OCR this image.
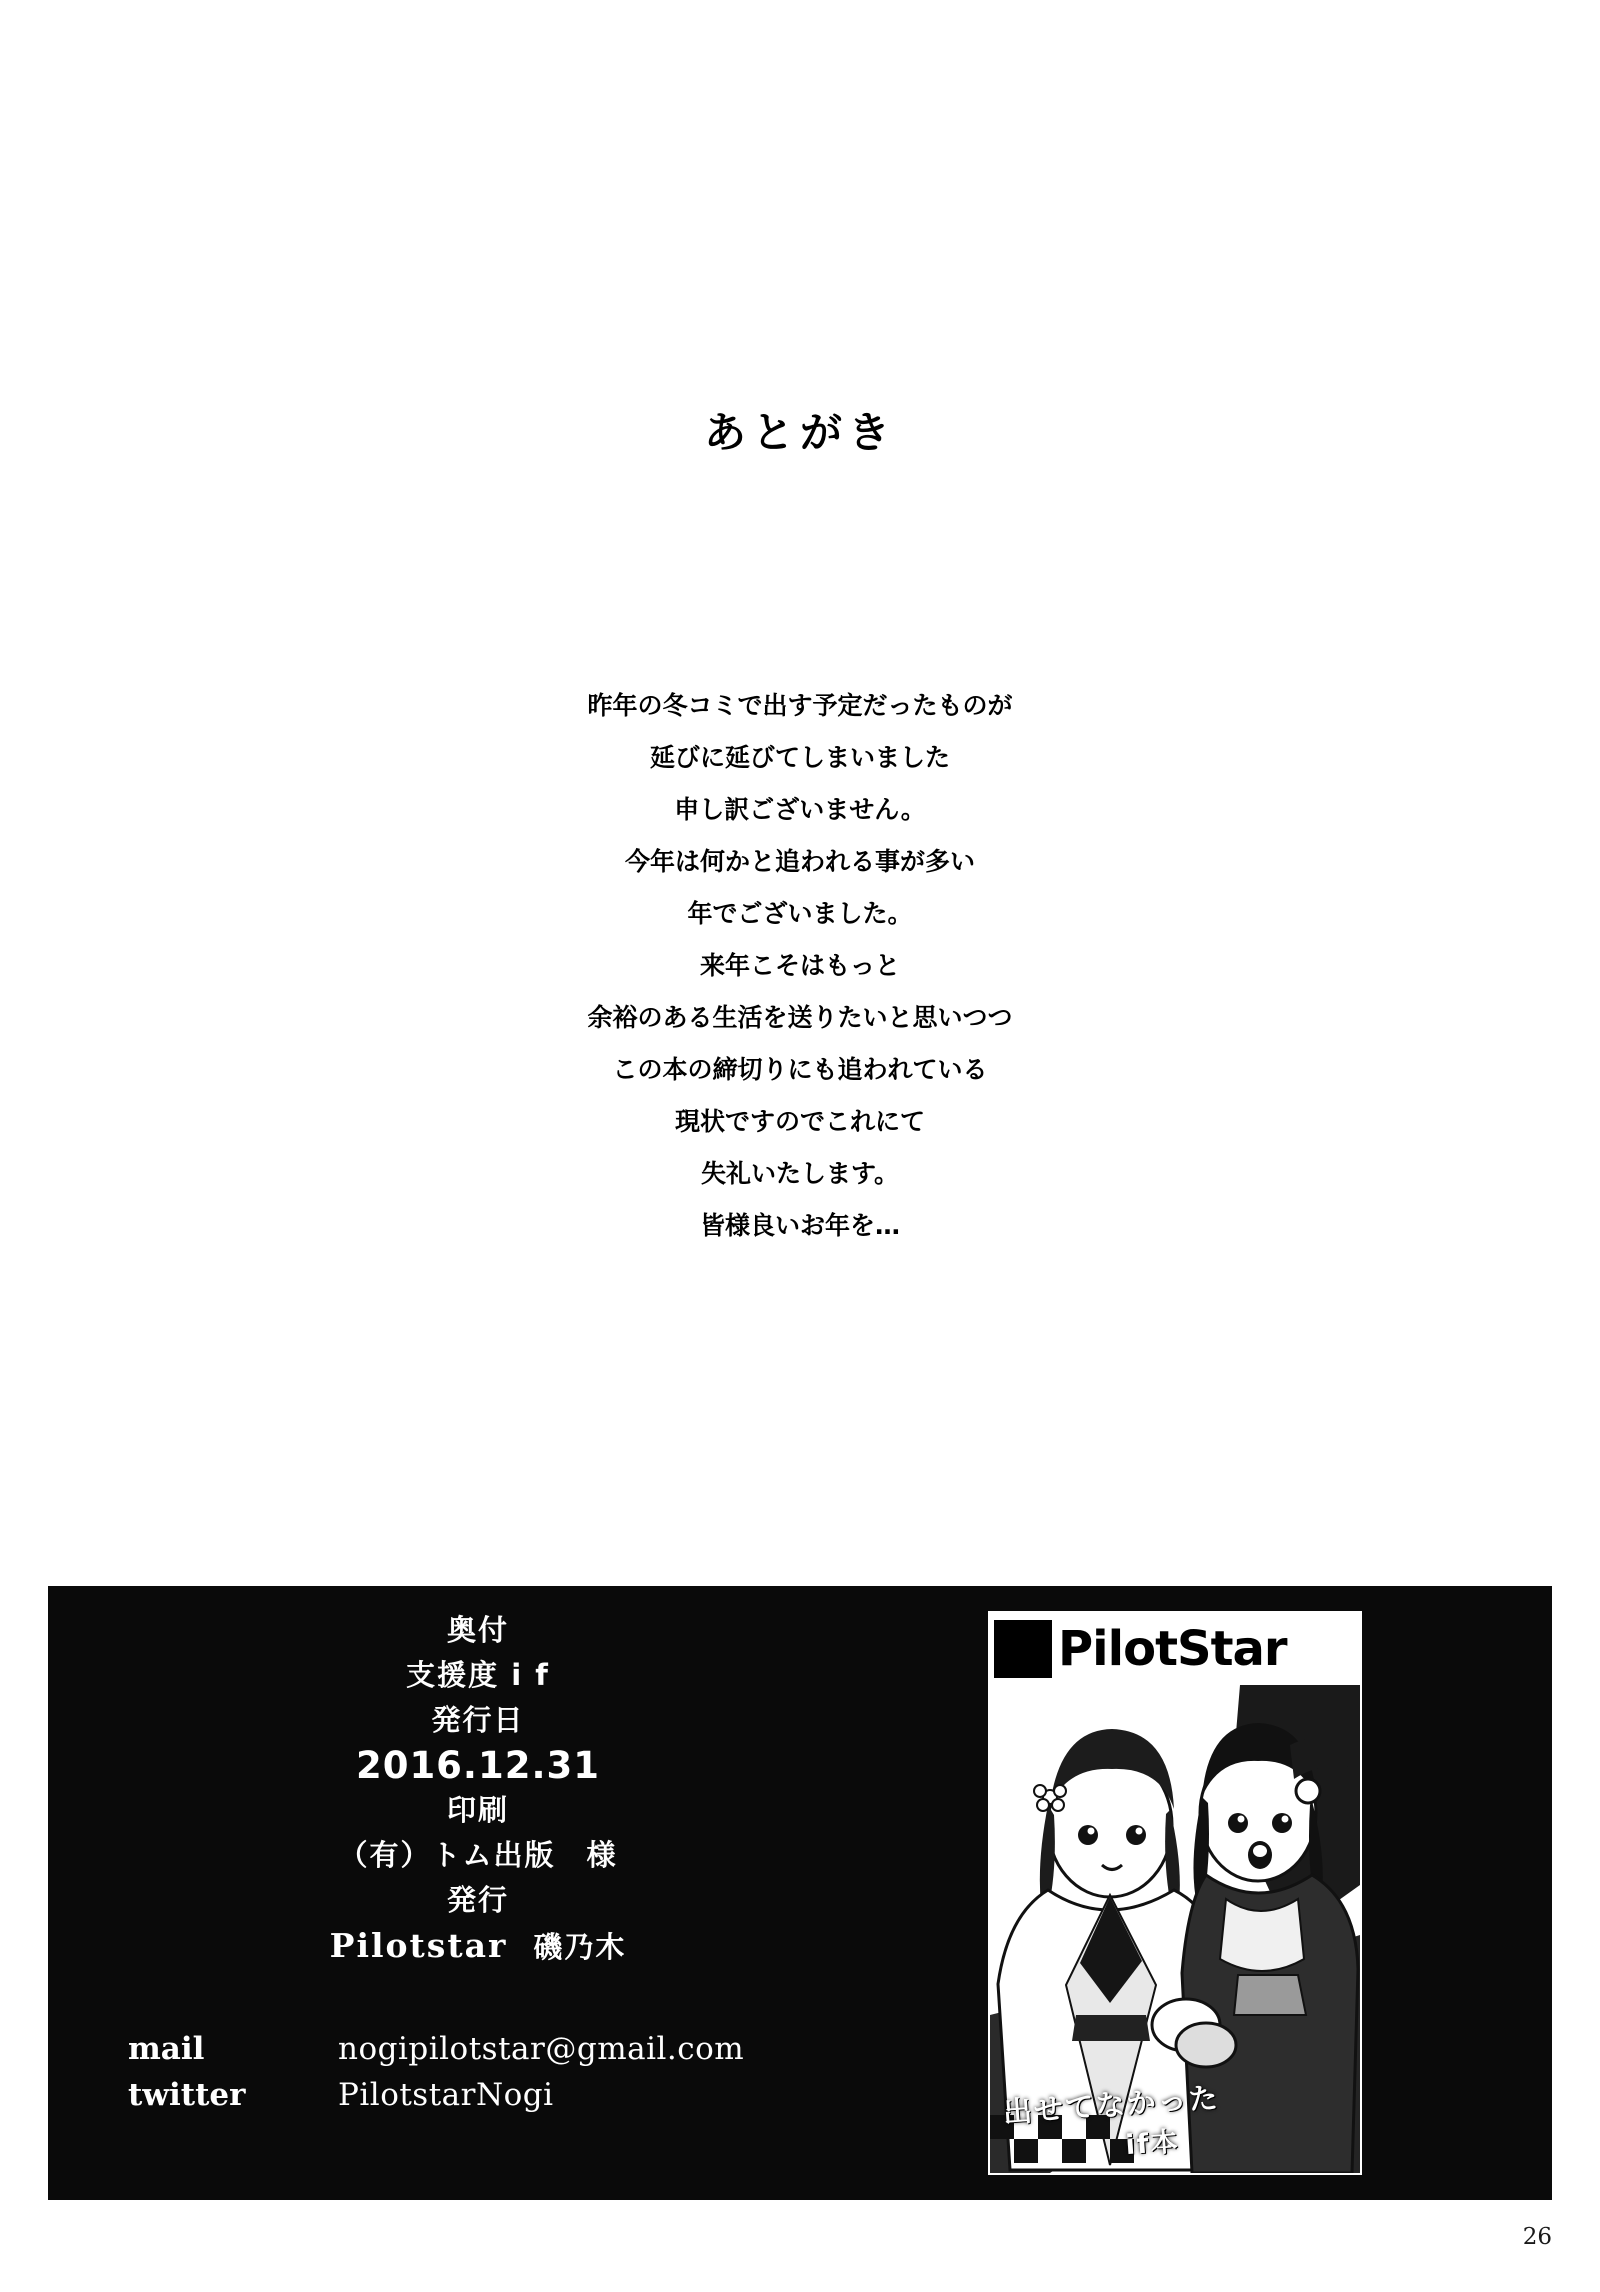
あとがき
昨年の冬コミで出す予定だったものが
延びに延びてしまいました
申し訳ございません。
今年は何かと追われる事が多い
年でございました。
来年こそはもっと
余裕のある生活を送りたいと思いつつ
この本の締切りにも追われている
現状ですのでこれにて
失礼いたします。
皆様良いお年を…
奥付
支援度 i f
発行日
2016.12.31
印刷
（有）トム出版　様
発行
Pilotstar 磯乃木
mail	nogipilotstar@gmail.com
twitter	PilotstarNogi
PilotStar
出せてなかった
if本
26
